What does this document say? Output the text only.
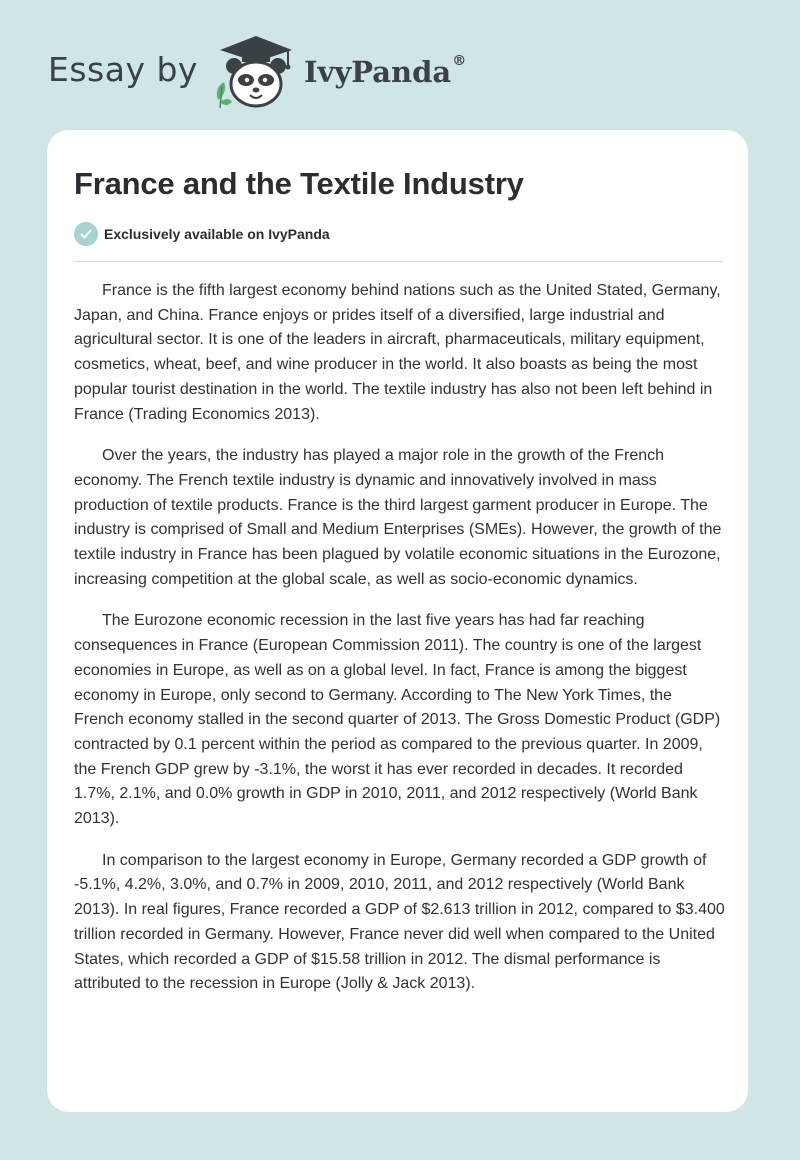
Essay by	IvyPanda®
France and the Textile Industry
Exclusively available on IvyPanda

France is the fifth largest economy behind nations such as the United Stated, Germany, Japan, and China. France enjoys or prides itself of a diversified, large industrial and agricultural sector. It is one of the leaders in aircraft, pharmaceuticals, military equipment, cosmetics, wheat, beef, and wine producer in the world. It also boasts as being the most popular tourist destination in the world. The textile industry has also not been left behind in France (Trading Economics 2013).

Over the years, the industry has played a major role in the growth of the French economy. The French textile industry is dynamic and innovatively involved in mass production of textile products. France is the third largest garment producer in Europe. The industry is comprised of Small and Medium Enterprises (SMEs). However, the growth of the textile industry in France has been plagued by volatile economic situations in the Eurozone, increasing competition at the global scale, as well as socio-economic dynamics.

The Eurozone economic recession in the last five years has had far reaching consequences in France (European Commission 2011). The country is one of the largest economies in Europe, as well as on a global level. In fact, France is among the biggest economy in Europe, only second to Germany. According to The New York Times, the French economy stalled in the second quarter of 2013. The Gross Domestic Product (GDP) contracted by 0.1 percent within the period as compared to the previous quarter. In 2009, the French GDP grew by -3.1%, the worst it has ever recorded in decades. It recorded 1.7%, 2.1%, and 0.0% growth in GDP in 2010, 2011, and 2012 respectively (World Bank 2013).

In comparison to the largest economy in Europe, Germany recorded a GDP growth of -5.1%, 4.2%, 3.0%, and 0.7% in 2009, 2010, 2011, and 2012 respectively (World Bank 2013). In real figures, France recorded a GDP of $2.613 trillion in 2012, compared to $3.400 trillion recorded in Germany. However, France never did well when compared to the United States, which recorded a GDP of $15.58 trillion in 2012. The dismal performance is attributed to the recession in Europe (Jolly & Jack 2013).
